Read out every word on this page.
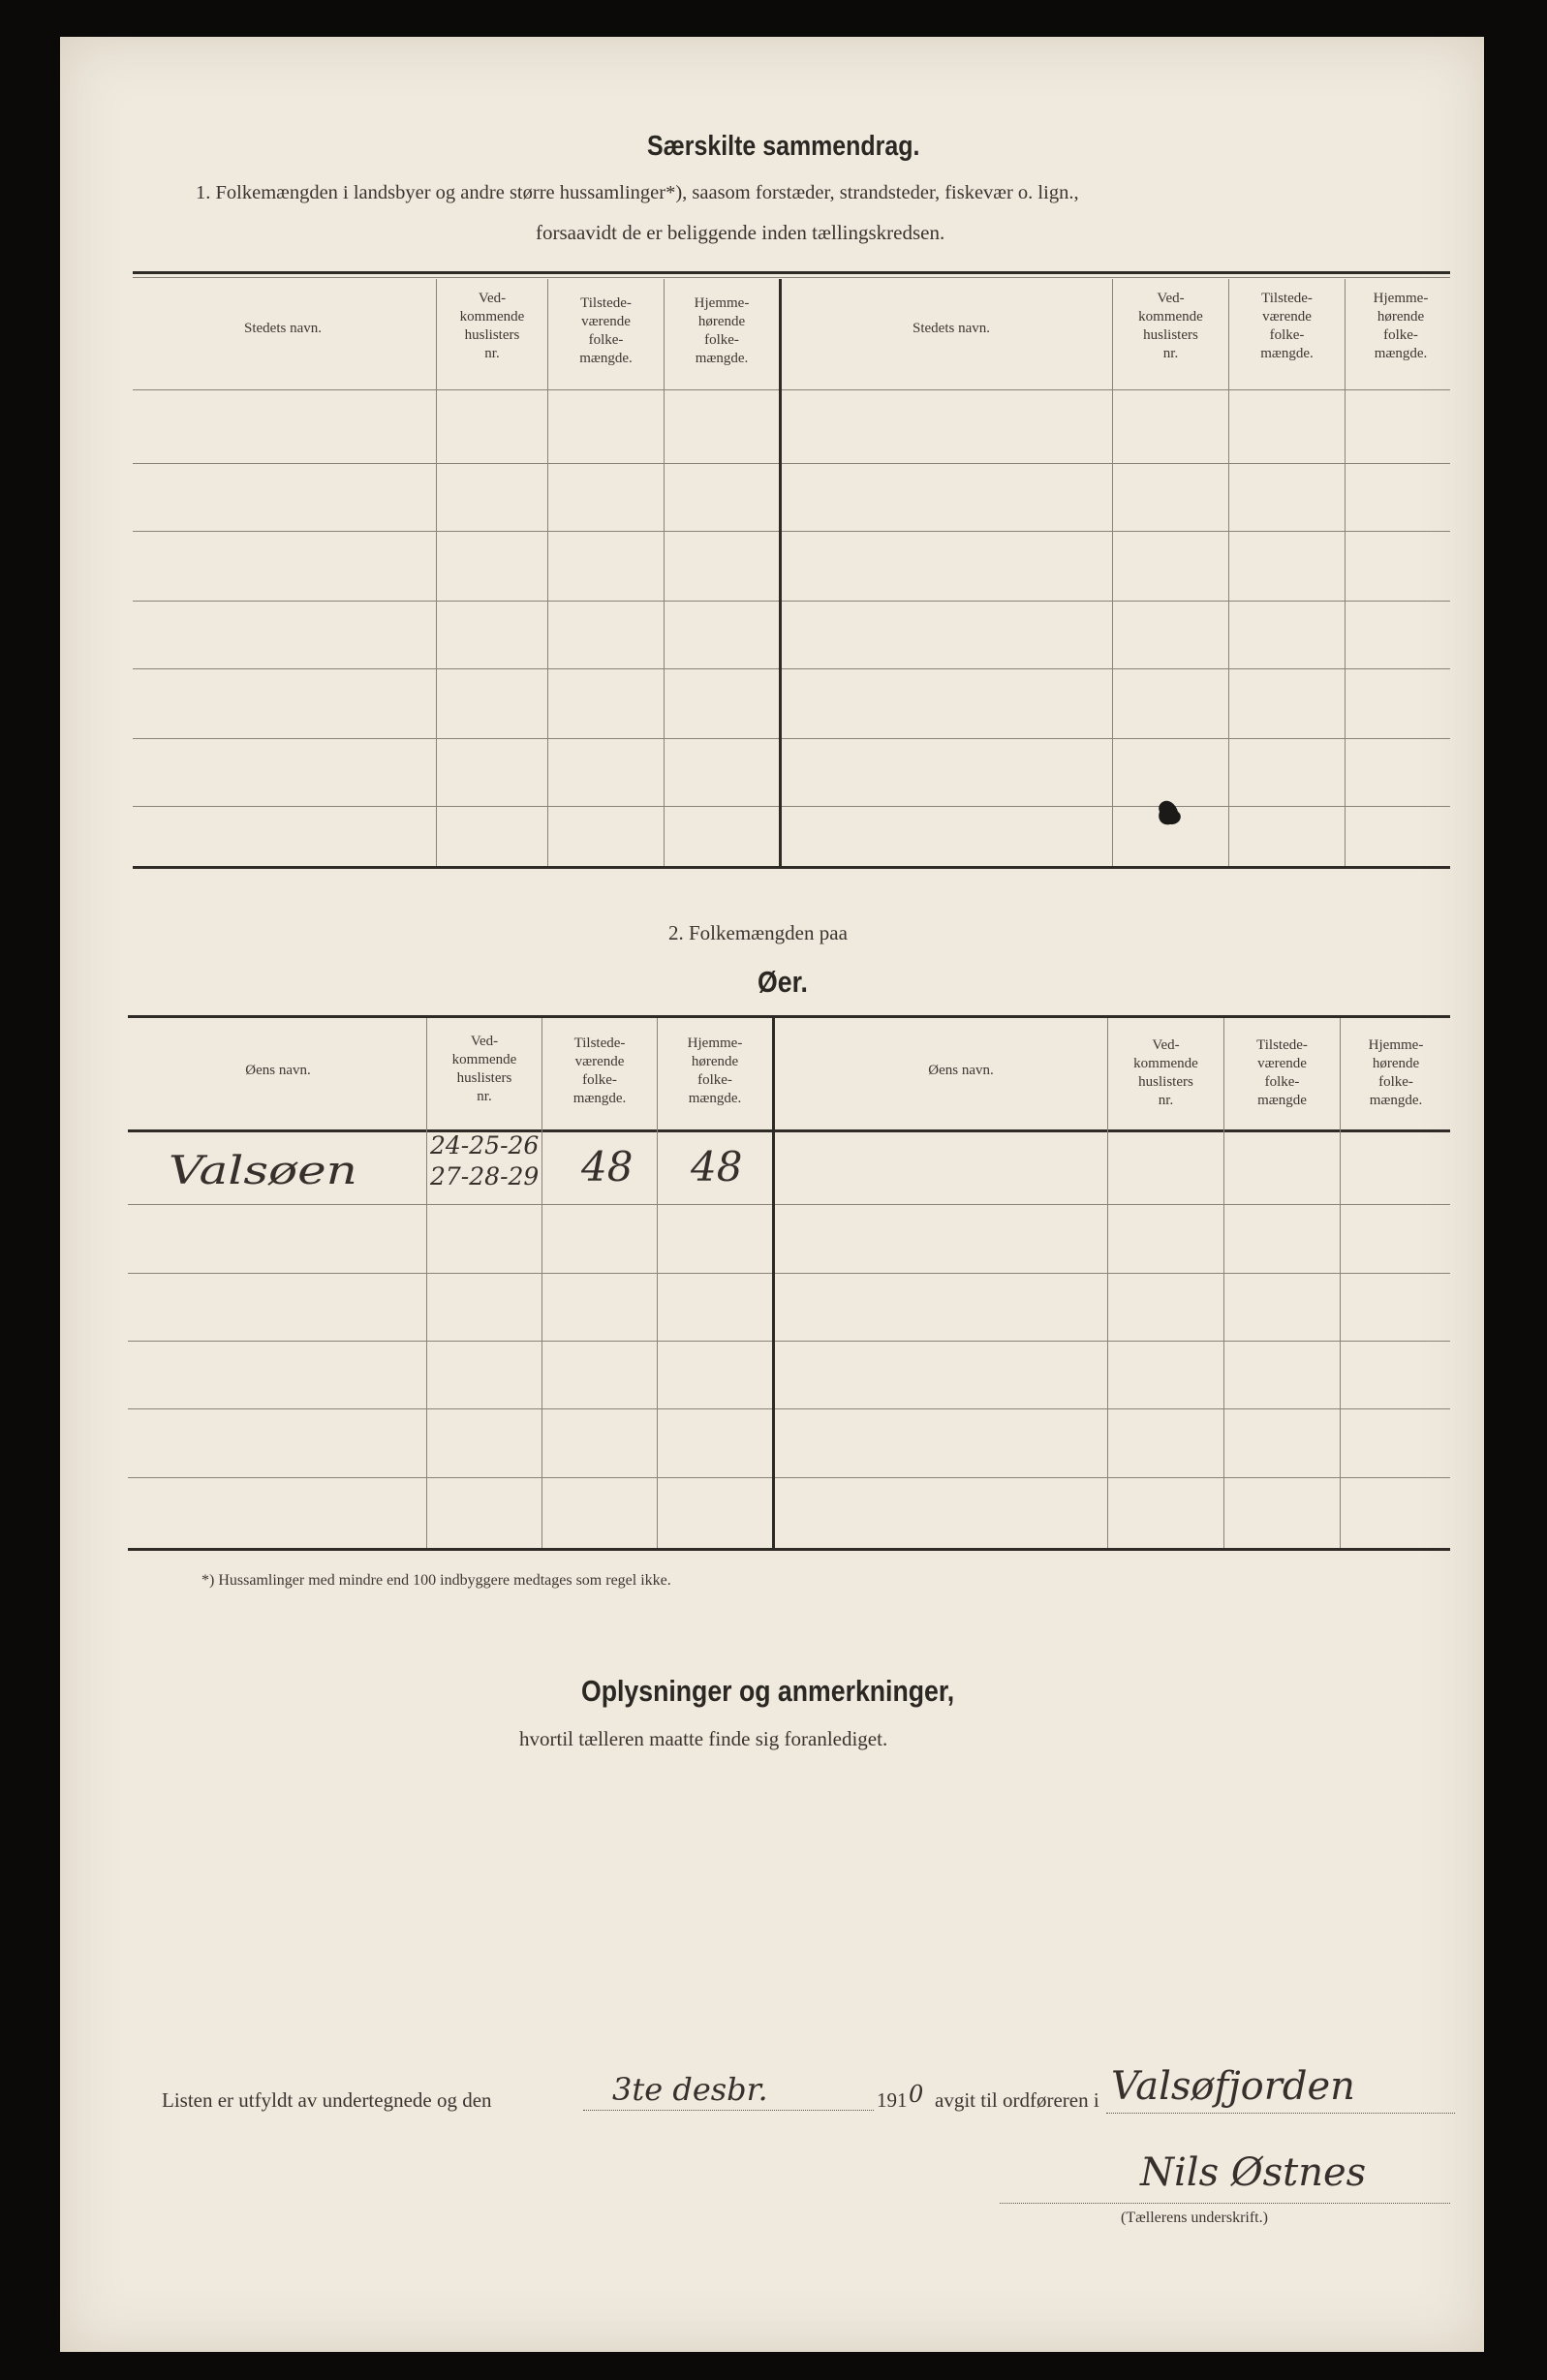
Særskilte sammendrag.
1. Folkemængden i landsbyer og andre større hussamlinger*), saasom forstæder, strandsteder, fiskevær o. lign.,
forsaavidt de er beliggende inden tællingskredsen.
Stedets navn.
Ved-
kommende
huslisters
nr.
Tilstede-
værende
folke-
mængde.
Hjemme-
hørende
folke-
mængde.
Stedets navn.
Ved-
kommende
huslisters
nr.
Tilstede-
værende
folke-
mængde.
Hjemme-
hørende
folke-
mængde.
2. Folkemængden paa
Øer.
Øens navn.
Ved-
kommende
huslisters
nr.
Tilstede-
værende
folke-
mængde.
Hjemme-
hørende
folke-
mængde.
Øens navn.
Ved-
kommende
huslisters
nr.
Tilstede-
værende
folke-
mængde
Hjemme-
hørende
folke-
mængde.
Valsøen
24-25-26
27-28-29 48 48
*) Hussamlinger med mindre end 100 indbyggere medtages som regel ikke.
Oplysninger og anmerkninger,
hvortil tælleren maatte finde sig foranlediget.
Listen er utfyldt av undertegnede og den	3te desbr.	191 0 avgit til ordføreren i Valsøfjorden
Nils Østnes
(Tællerens underskrift.)
